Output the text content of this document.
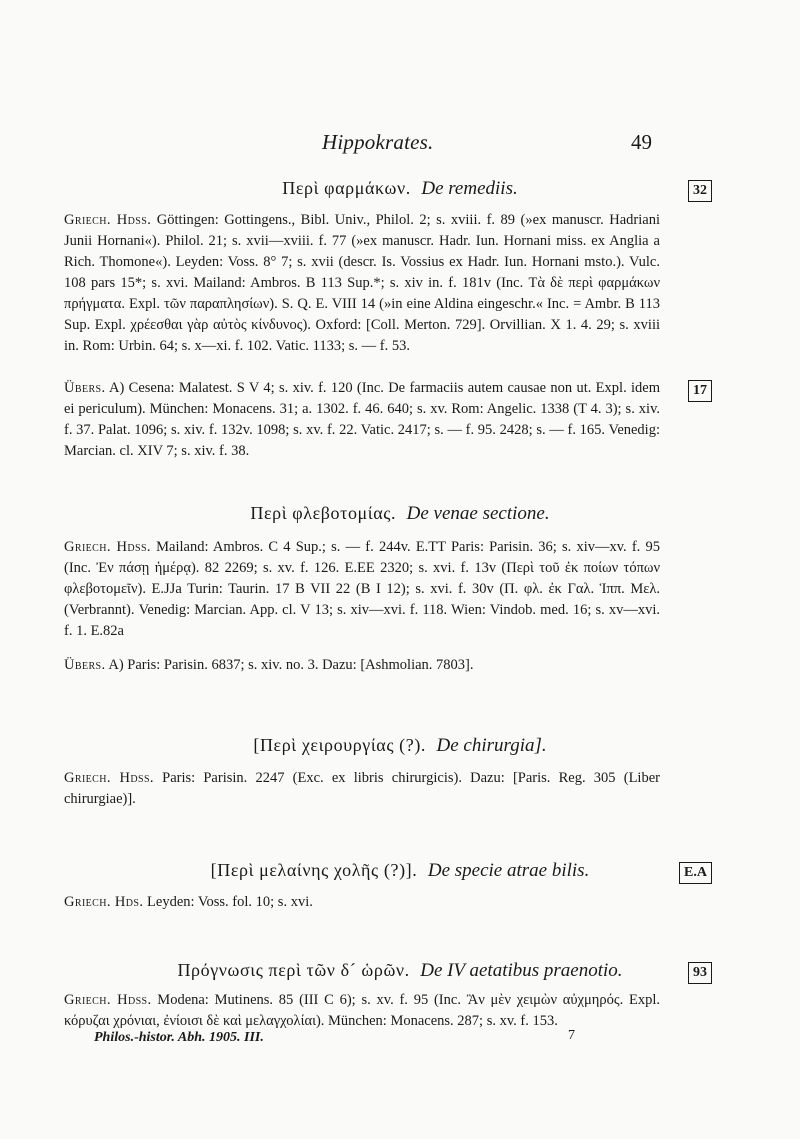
Hippokrates.	49
Περὶ φαρμάκων. De remediis.	32
Griech. Hdss. Göttingen: Gottingens., Bibl. Univ., Philol. 2; s. xviii. f. 89 (»ex manuscr. Hadriani Junii Hornani«). Philol. 21; s. xvii—xviii. f. 77 (»ex manuscr. Hadr. Iun. Hornani miss. ex Anglia a Rich. Thomone«). Leyden: Voss. 8° 7; s. xvii (descr. Is. Vossius ex Hadr. Iun. Hornani msto.). Vulc. 108 pars 15*; s. xvi. Mailand: Ambros. B 113 Sup.*; s. xiv in. f. 181v (Inc. Τὰ δὲ περὶ φαρμάκων πρήγματα. Expl. τῶν παραπλησίων). S. Q. E. VIII 14 (»in eine Aldina eingeschr.« Inc. = Ambr. B 113 Sup. Expl. χρέεσθαι γὰρ αὐτὸς κίνδυνος). Oxford: [Coll. Merton. 729]. Orvillian. X 1. 4. 29; s. xviii in. Rom: Urbin. 64; s. x—xi. f. 102. Vatic. 1133; s. — f. 53.
Übers. A) Cesena: Malatest. S V 4; s. xiv. f. 120 (Inc. De farmaciis autem causae non ut. Expl. idem ei periculum). München: Monacens. 31; a. 1302. f. 46. 640; s. xv. Rom: Angelic. 1338 (T 4. 3); s. xiv. f. 37. Palat. 1096; s. xiv. f. 132v. 1098; s. xv. f. 22. Vatic. 2417; s. — f. 95. 2428; s. — f. 165. Venedig: Marcian. cl. XIV 7; s. xiv. f. 38.
17
Περὶ φλεβοτομίας. De venae sectione.
Griech. Hdss. Mailand: Ambros. C 4 Sup.; s. — f. 244v. E.TT Paris: Parisin. 36; s. xiv—xv. f. 95 (Inc. Ἐν πάσῃ ἡμέρᾳ). 82 2269; s. xv. f. 126. E.EE 2320; s. xvi. f. 13v (Περὶ τοῦ ἐκ ποίων τόπων φλεβοτομεῖν). E.JJa Turin: Taurin. 17 B VII 22 (B I 12); s. xvi. f. 30v (Π. φλ. ἐκ Γαλ. Ἱππ. Μελ. (Verbrannt). Venedig: Marcian. App. cl. V 13; s. xiv—xvi. f. 118. Wien: Vindob. med. 16; s. xv—xvi. f. 1. E.82a
Übers. A) Paris: Parisin. 6837; s. xiv. no. 3. Dazu: [Ashmolian. 7803].
[Περὶ χειρουργίας (?). De chirurgia].
Griech. Hdss. Paris: Parisin. 2247 (Exc. ex libris chirurgicis). Dazu: [Paris. Reg. 305 (Liber chirurgiae)].
[Περὶ μελαίνης χολῆς (?)]. De specie atrae bilis.	E.A
Griech. Hds. Leyden: Voss. fol. 10; s. xvi.
Πρόγνωσις περὶ τῶν δ´ ὡρῶν. De IV aetatibus praenotio.	93
Griech. Hdss. Modena: Mutinens. 85 (III C 6); s. xv. f. 95 (Inc. Ἂν μὲν χειμὼν αὐχμηρός. Expl. κόρυζαι χρόνιαι, ἐνίοισι δὲ καὶ μελαγχολίαι). München: Monacens. 287; s. xv. f. 153.
Philos.-histor. Abh. 1905. III.	7
